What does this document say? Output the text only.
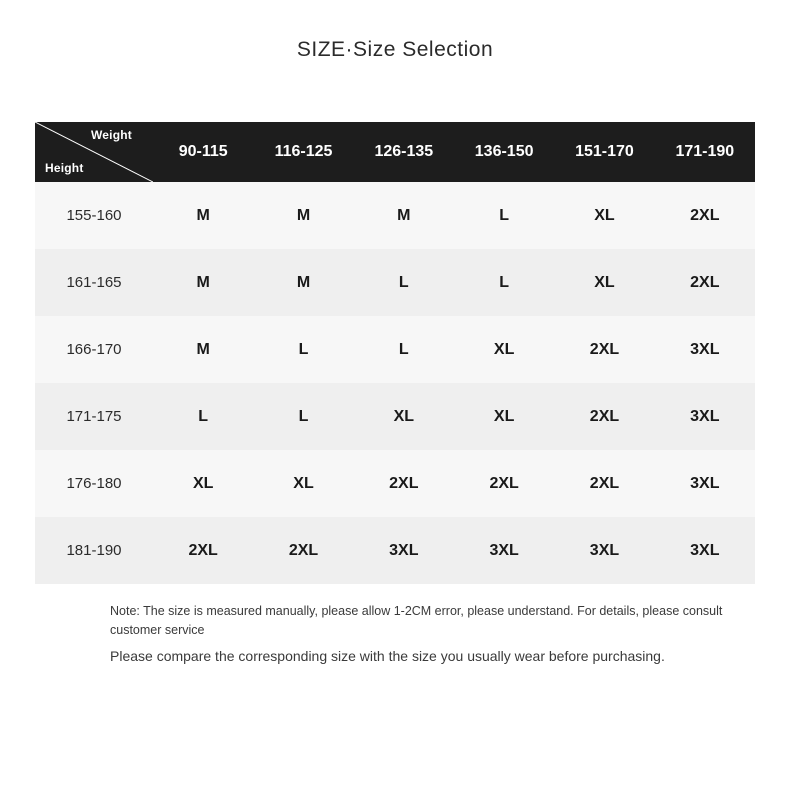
SIZE·Size Selection
Weight
Height	90-115	116-125	126-135	136-150	151-170	171-190
155-160	M	M	M	L	XL	2XL
161-165	M	M	L	L	XL	2XL
166-170	M	L	L	XL	2XL	3XL
171-175	L	L	XL	XL	2XL	3XL
176-180	XL	XL	2XL	2XL	2XL	3XL
181-190	2XL	2XL	3XL	3XL	3XL	3XL
Note: The size is measured manually, please allow 1-2CM error, please understand. For details, please consult customer service
Please compare the corresponding size with the size you usually wear before purchasing.
